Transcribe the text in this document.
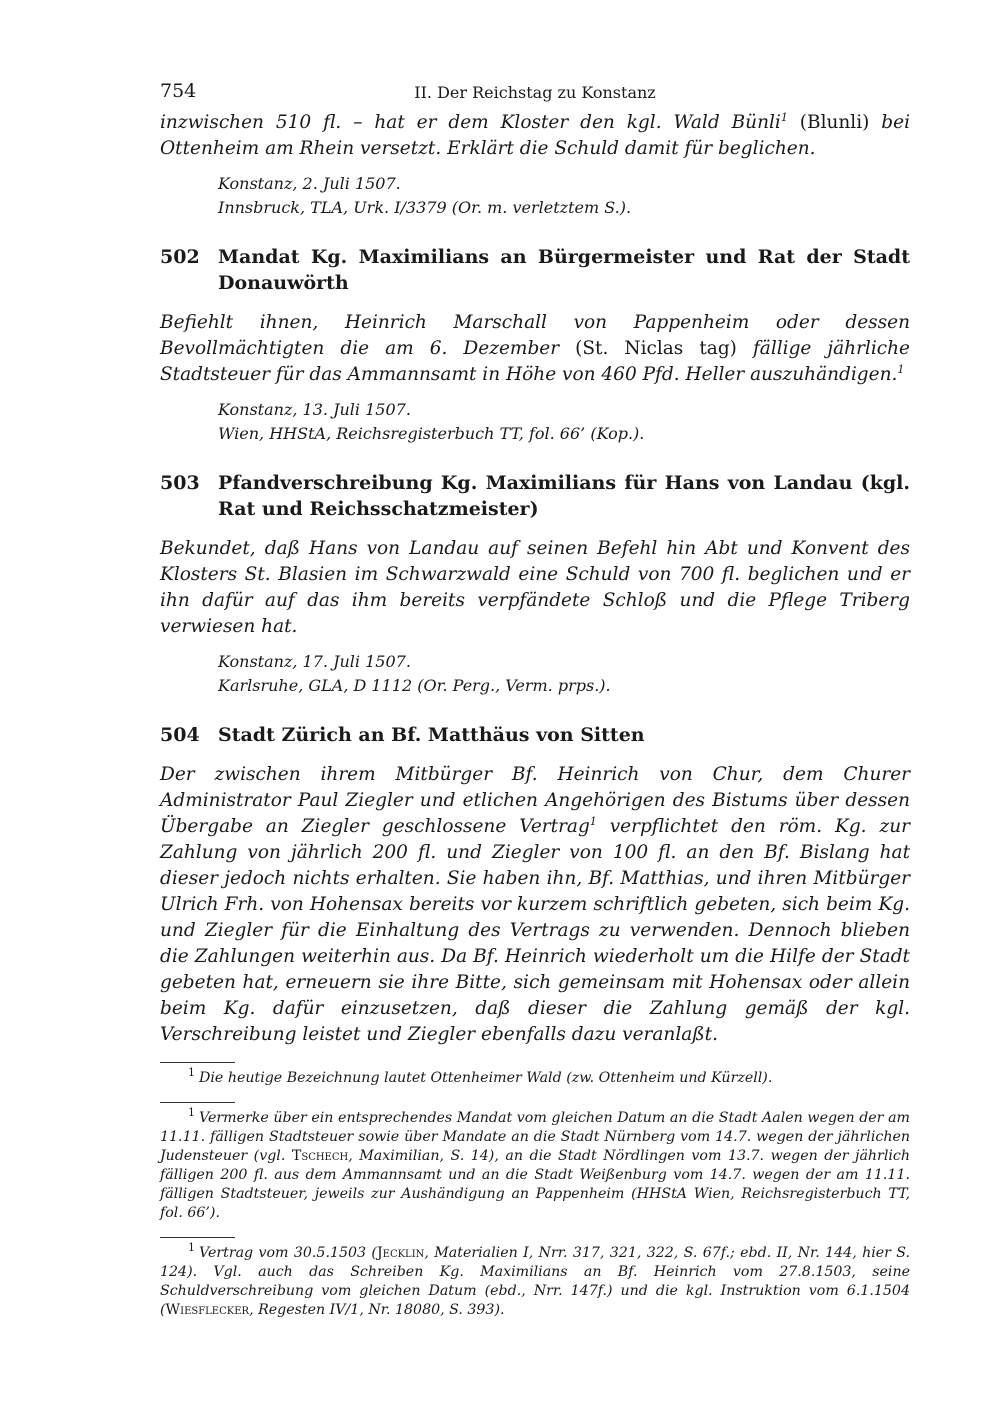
754	II. Der Reichstag zu Konstanz

inzwischen 510 fl. – hat er dem Kloster den kgl. Wald Bünli$^1$ (Blunli) bei Ottenheim am Rhein versetzt. Erklärt die Schuld damit für beglichen.

Konstanz, 2. Juli 1507.
Innsbruck, TLA, Urk. I/3379 (Or. m. verletztem S.).
502 Mandat Kg. Maximilians an Bürgermeister und Rat der Stadt Donauwörth

Befiehlt ihnen, Heinrich Marschall von Pappenheim oder dessen Bevollmächtigten die am 6. Dezember (St. Niclas tag) fällige jährliche Stadtsteuer für das Ammannsamt in Höhe von 460 Pfd. Heller auszuhändigen.$^1$

Konstanz, 13. Juli 1507.
Wien, HHStA, Reichsregisterbuch TT, fol. 66’ (Kop.).
503 Pfandverschreibung Kg. Maximilians für Hans von Landau (kgl. Rat und Reichsschatzmeister)

Bekundet, daß Hans von Landau auf seinen Befehl hin Abt und Konvent des Klosters St. Blasien im Schwarzwald eine Schuld von 700 fl. beglichen und er ihn dafür auf das ihm bereits verpfändete Schloß und die Pflege Triberg verwiesen hat.

Konstanz, 17. Juli 1507.
Karlsruhe, GLA, D 1112 (Or. Perg., Verm. prps.).
504 Stadt Zürich an Bf. Matthäus von Sitten

Der zwischen ihrem Mitbürger Bf. Heinrich von Chur, dem Churer Administrator Paul Ziegler und etlichen Angehörigen des Bistums über dessen Übergabe an Ziegler geschlossene Vertrag$^1$ verpflichtet den röm. Kg. zur Zahlung von jährlich 200 fl. und Ziegler von 100 fl. an den Bf. Bislang hat dieser jedoch nichts erhalten. Sie haben ihn, Bf. Matthias, und ihren Mitbürger Ulrich Frh. von Hohensax bereits vor kurzem schriftlich gebeten, sich beim Kg. und Ziegler für die Einhaltung des Vertrags zu verwenden. Dennoch blieben die Zahlungen weiterhin aus. Da Bf. Heinrich wiederholt um die Hilfe der Stadt gebeten hat, erneuern sie ihre Bitte, sich gemeinsam mit Hohensax oder allein beim Kg. dafür einzusetzen, daß dieser die Zahlung gemäß der kgl. Verschreibung leistet und Ziegler ebenfalls dazu veranlaßt.

$^1$ Die heutige Bezeichnung lautet Ottenheimer Wald (zw. Ottenheim und Kürzell).

$^1$ Vermerke über ein entsprechendes Mandat vom gleichen Datum an die Stadt Aalen wegen der am 11.11. fälligen Stadtsteuer sowie über Mandate an die Stadt Nürnberg vom 14.7. wegen der jährlichen Judensteuer (vgl. Tschech, Maximilian, S. 14), an die Stadt Nördlingen vom 13.7. wegen der jährlich fälligen 200 fl. aus dem Ammannsamt und an die Stadt Weißenburg vom 14.7. wegen der am 11.11. fälligen Stadtsteuer, jeweils zur Aushändigung an Pappenheim (HHStA Wien, Reichsregisterbuch TT, fol. 66’).

$^1$ Vertrag vom 30.5.1503 (Jecklin, Materialien I, Nrr. 317, 321, 322, S. 67f.; ebd. II, Nr. 144, hier S. 124). Vgl. auch das Schreiben Kg. Maximilians an Bf. Heinrich vom 27.8.1503, seine Schuldverschreibung vom gleichen Datum (ebd., Nrr. 147f.) und die kgl. Instruktion vom 6.1.1504 (Wiesflecker, Regesten IV/1, Nr. 18080, S. 393).
